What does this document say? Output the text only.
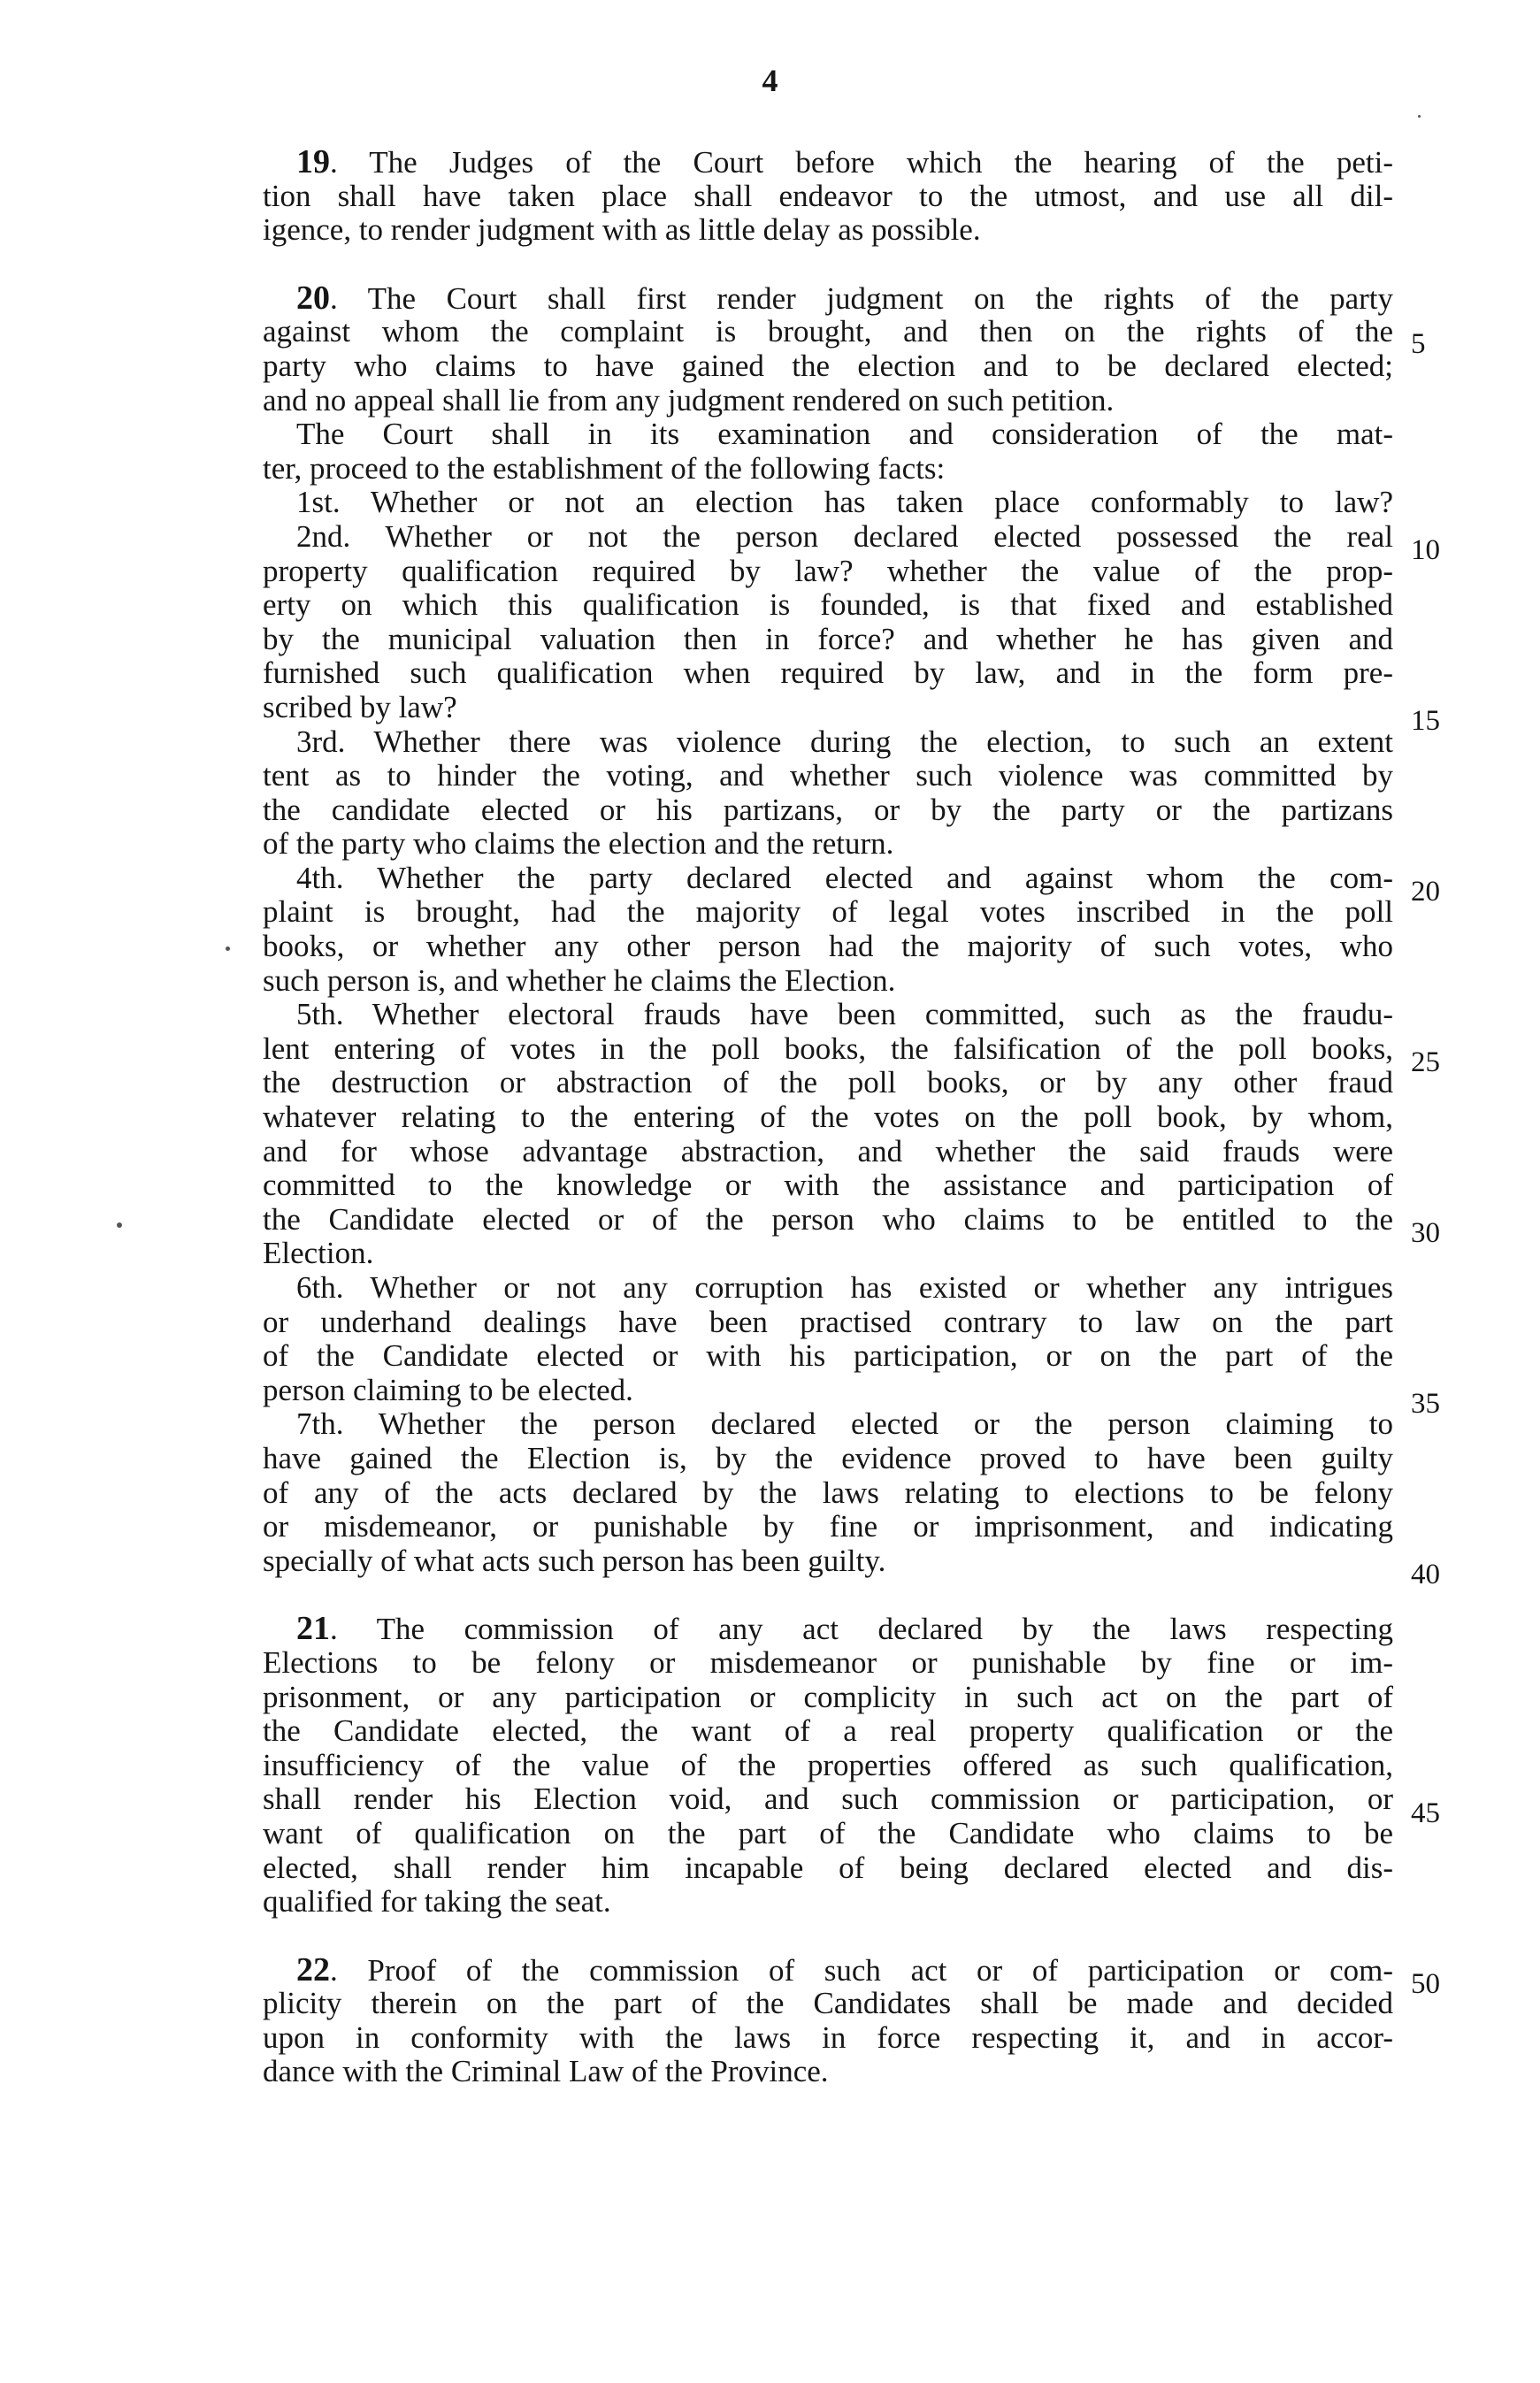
4
19. The Judges of the Court before which the hearing of the peti-
tion shall have taken place shall endeavor to the utmost, and use all dil-
igence, to render judgment with as little delay as possible.
20. The Court shall first render judgment on the rights of the party
against whom the complaint is brought, and then on the rights of the
party who claims to have gained the election and to be declared elected;
and no appeal shall lie from any judgment rendered on such petition.
The Court shall in its examination and consideration of the mat-
ter, proceed to the establishment of the following facts:
1st. Whether or not an election has taken place conformably to law?
2nd. Whether or not the person declared elected possessed the real
property qualification required by law? whether the value of the prop-
erty on which this qualification is founded, is that fixed and established
by the municipal valuation then in force? and whether he has given and
furnished such qualification when required by law, and in the form pre-
scribed by law?
3rd. Whether there was violence during the election, to such an extent
tent as to hinder the voting, and whether such violence was committed by
the candidate elected or his partizans, or by the party or the partizans
of the party who claims the election and the return.
4th. Whether the party declared elected and against whom the com-
plaint is brought, had the majority of legal votes inscribed in the poll
books, or whether any other person had the majority of such votes, who
such person is, and whether he claims the Election.
5th. Whether electoral frauds have been committed, such as the fraudu-
lent entering of votes in the poll books, the falsification of the poll books,
the destruction or abstraction of the poll books, or by any other fraud
whatever relating to the entering of the votes on the poll book, by whom,
and for whose advantage abstraction, and whether the said frauds were
committed to the knowledge or with the assistance and participation of
the Candidate elected or of the person who claims to be entitled to the
Election.
6th. Whether or not any corruption has existed or whether any intrigues
or underhand dealings have been practised contrary to law on the part
of the Candidate elected or with his participation, or on the part of the
person claiming to be elected.
7th. Whether the person declared elected or the person claiming to
have gained the Election is, by the evidence proved to have been guilty
of any of the acts declared by the laws relating to elections to be felony
or misdemeanor, or punishable by fine or imprisonment, and indicating
specially of what acts such person has been guilty.
21. The commission of any act declared by the laws respecting
Elections to be felony or misdemeanor or punishable by fine or im-
prisonment, or any participation or complicity in such act on the part of
the Candidate elected, the want of a real property qualification or the
insufficiency of the value of the properties offered as such qualification,
shall render his Election void, and such commission or participation, or
want of qualification on the part of the Candidate who claims to be
elected, shall render him incapable of being declared elected and dis-
qualified for taking the seat.
22. Proof of the commission of such act or of participation or com-
plicity therein on the part of the Candidates shall be made and decided
upon in conformity with the laws in force respecting it, and in accor-
dance with the Criminal Law of the Province.
5
10
15
20
25
30
35
40
45
50
